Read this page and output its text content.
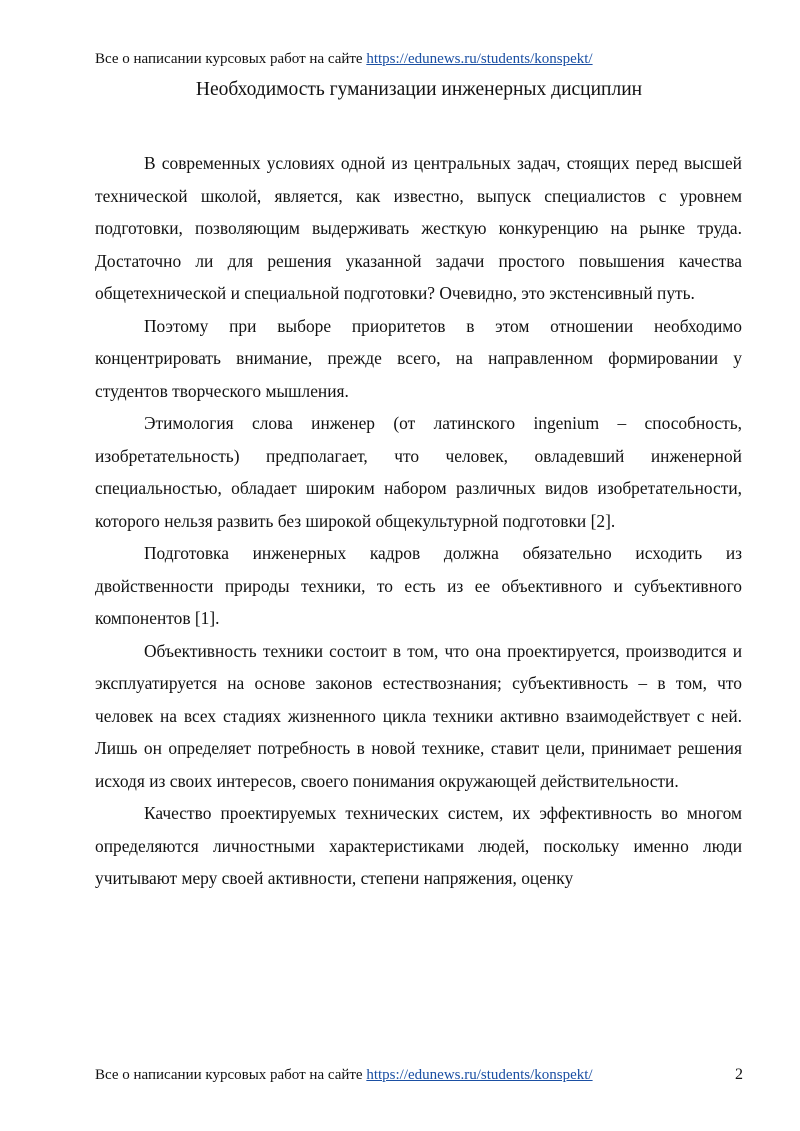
Все о написании курсовых работ на сайте https://edunews.ru/students/konspekt/
Необходимость гуманизации инженерных дисциплин

В современных условиях одной из центральных задач, стоящих перед высшей технической школой, является, как известно, выпуск специалистов с уровнем подготовки, позволяющим выдерживать жесткую конкуренцию на рынке труда. Достаточно ли для решения указанной задачи простого повышения качества общетехнической и специальной подготовки? Очевидно, это экстенсивный путь.

Поэтому при выборе приоритетов в этом отношении необходимо концентрировать внимание, прежде всего, на направленном формировании у студентов творческого мышления.

Этимология слова инженер (от латинского ingenium – способность, изобретательность) предполагает, что человек, овладевший инженерной специальностью, обладает широким набором различных видов изобретательности, которого нельзя развить без широкой общекультурной подготовки [2].

Подготовка инженерных кадров должна обязательно исходить из двойственности природы техники, то есть из ее объективного и субъективного компонентов [1].

Объективность техники состоит в том, что она проектируется, производится и эксплуатируется на основе законов естествознания; субъективность – в том, что человек на всех стадиях жизненного цикла техники активно взаимодействует с ней. Лишь он определяет потребность в новой технике, ставит цели, принимает решения исходя из своих интересов, своего понимания окружающей действительности.

Качество проектируемых технических систем, их эффективность во многом определяются личностными характеристиками людей, поскольку именно люди учитывают меру своей активности, степени напряжения, оценку

Все о написании курсовых работ на сайте https://edunews.ru/students/konspekt/	2
